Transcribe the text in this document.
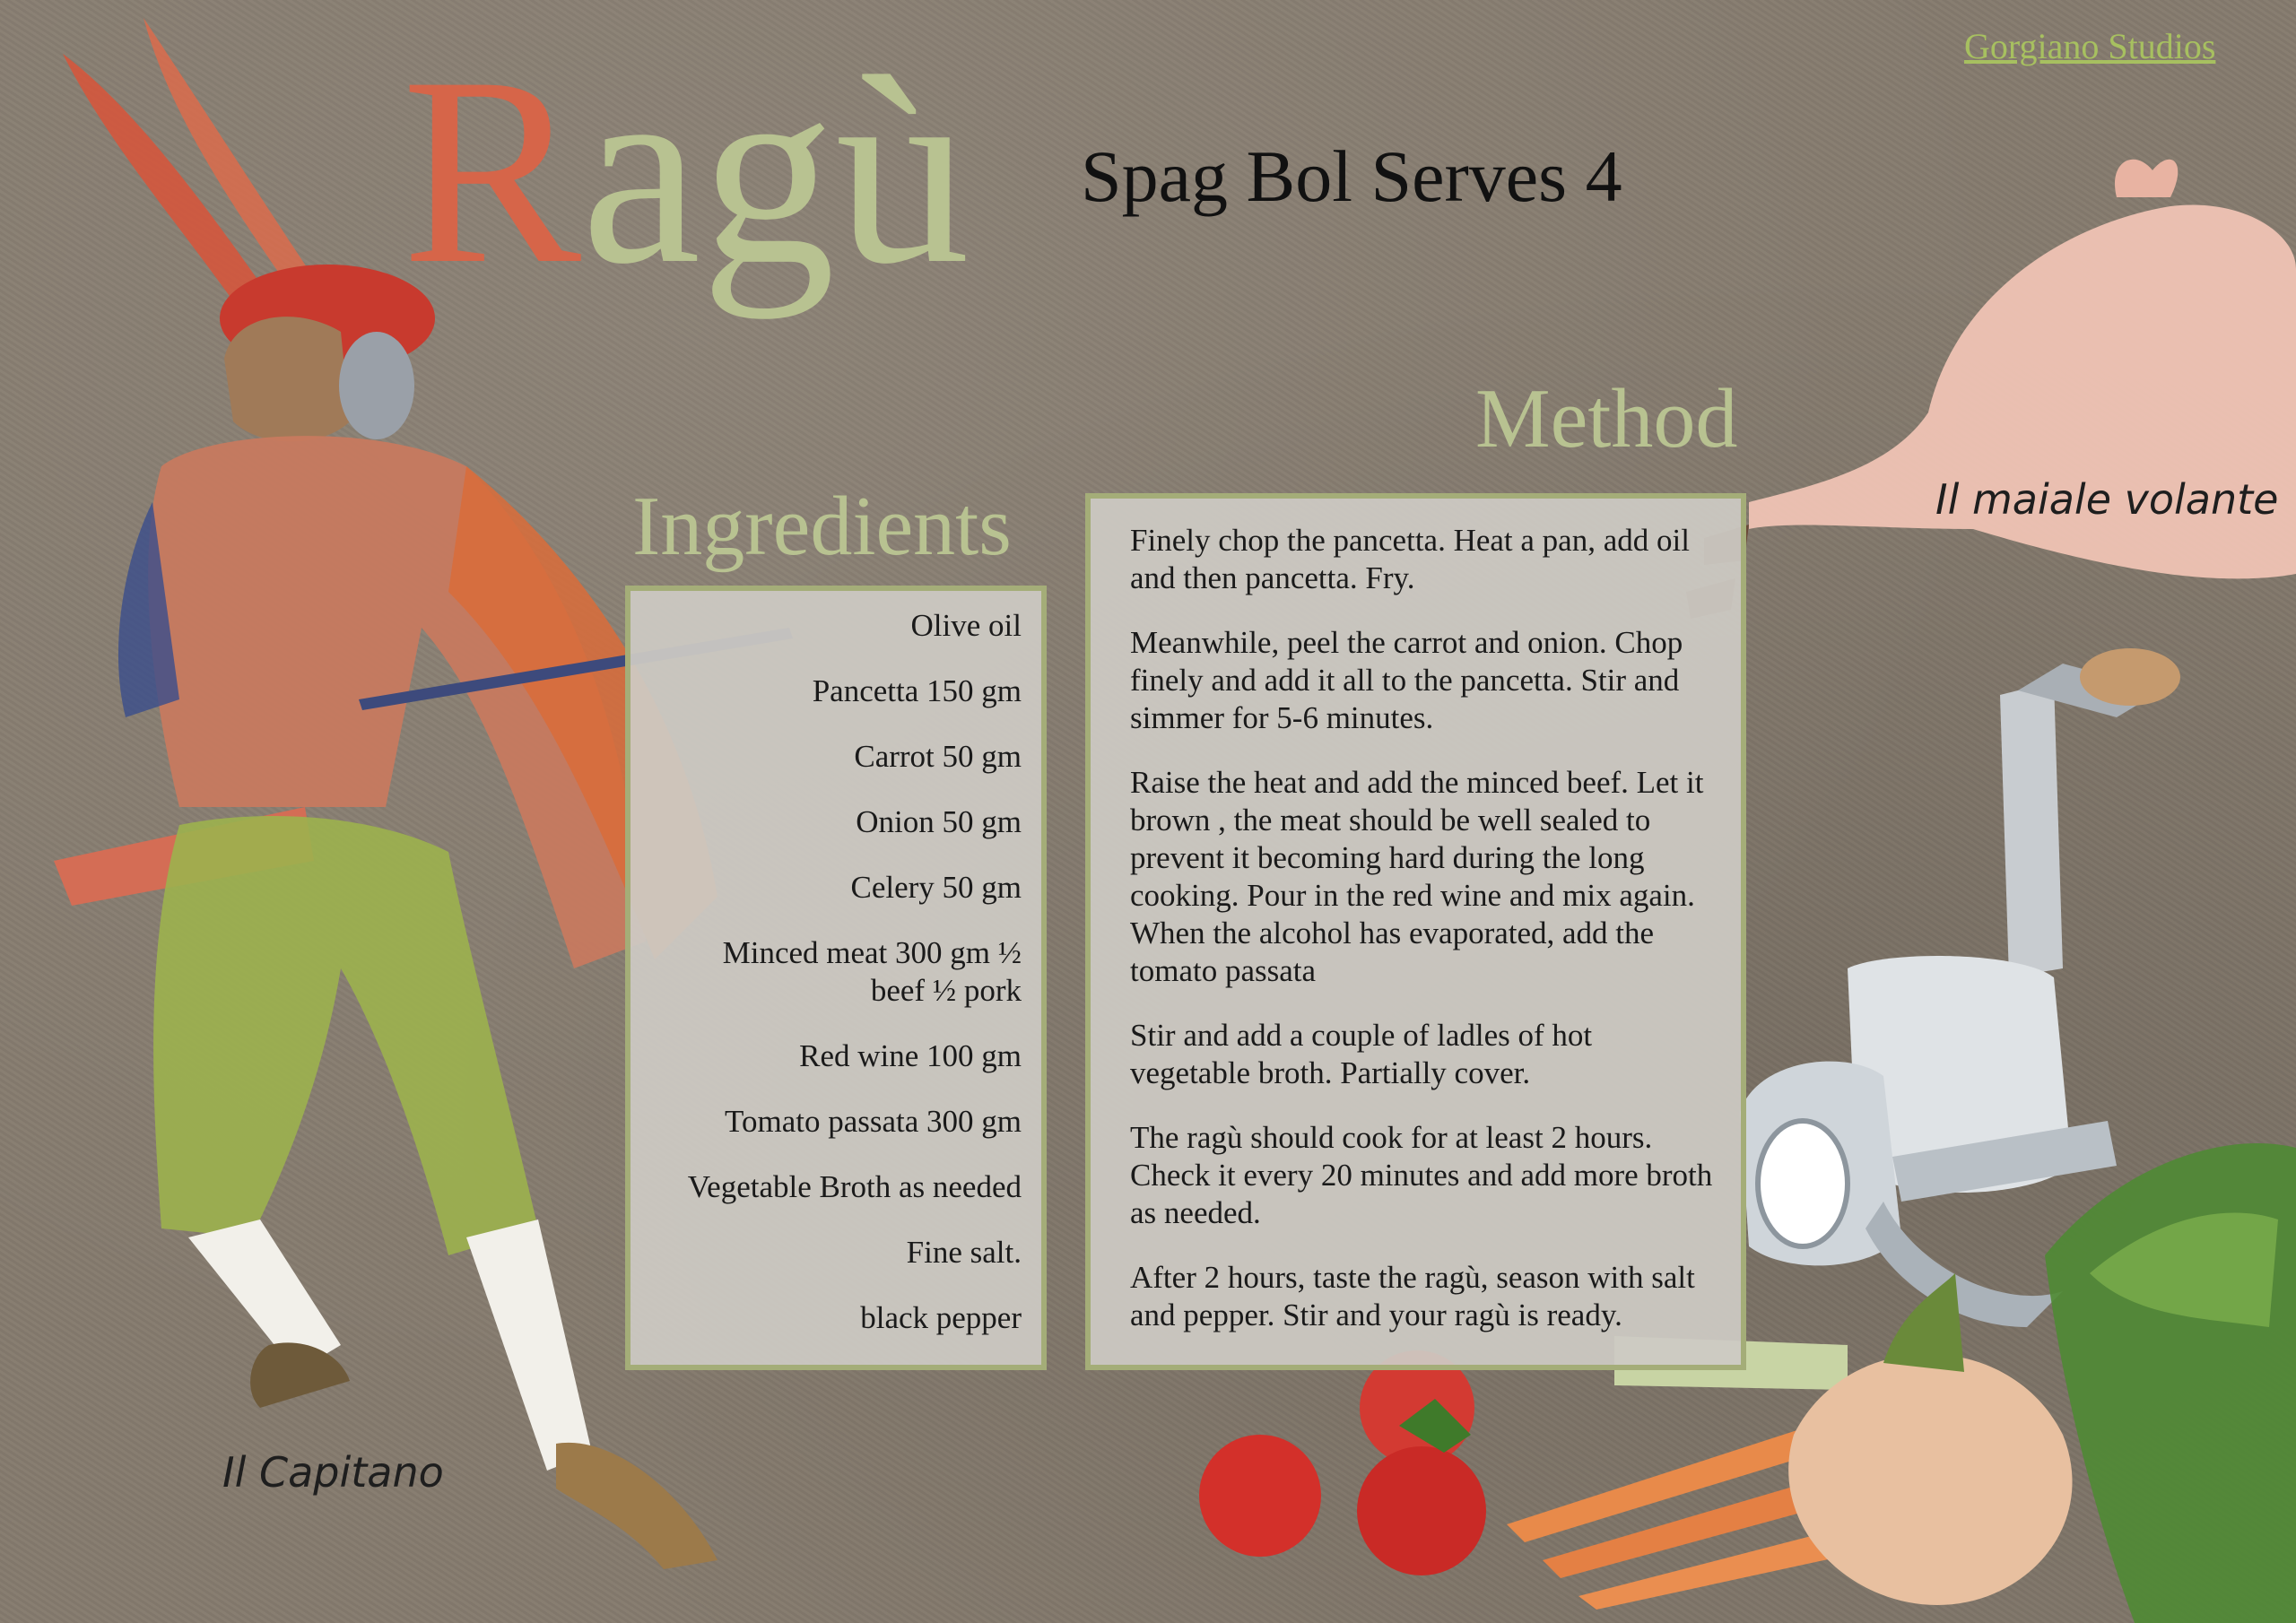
Gorgiano Studios
Ragù Spag Bol Serves 4
Ingredients
Method
Olive oil
Pancetta 150 gm
Carrot 50 gm
Onion 50 gm
Celery 50 gm
Minced meat 300 gm ½ beef ½ pork
Red wine 100 gm
Tomato passata 300 gm
Vegetable Broth as needed
Fine salt.
black pepper

Finely chop the pancetta. Heat a pan, add oil and then pancetta. Fry.

Meanwhile, peel the carrot and onion. Chop finely and add it all to the pancetta. Stir and simmer for 5-6 minutes.

Raise the heat and add the minced beef. Let it brown , the meat should be well sealed to prevent it becoming hard during the long cooking. Pour in the red wine and mix again. When the alcohol has evaporated, add the tomato passata

Stir and add a couple of ladles of hot vegetable broth. Partially cover.

The ragù should cook for at least 2 hours. Check it every 20 minutes and add more broth as needed.

After 2 hours, taste the ragù, season with salt and pepper. Stir and your ragù is ready.

Il Capitano
Il maiale volante
